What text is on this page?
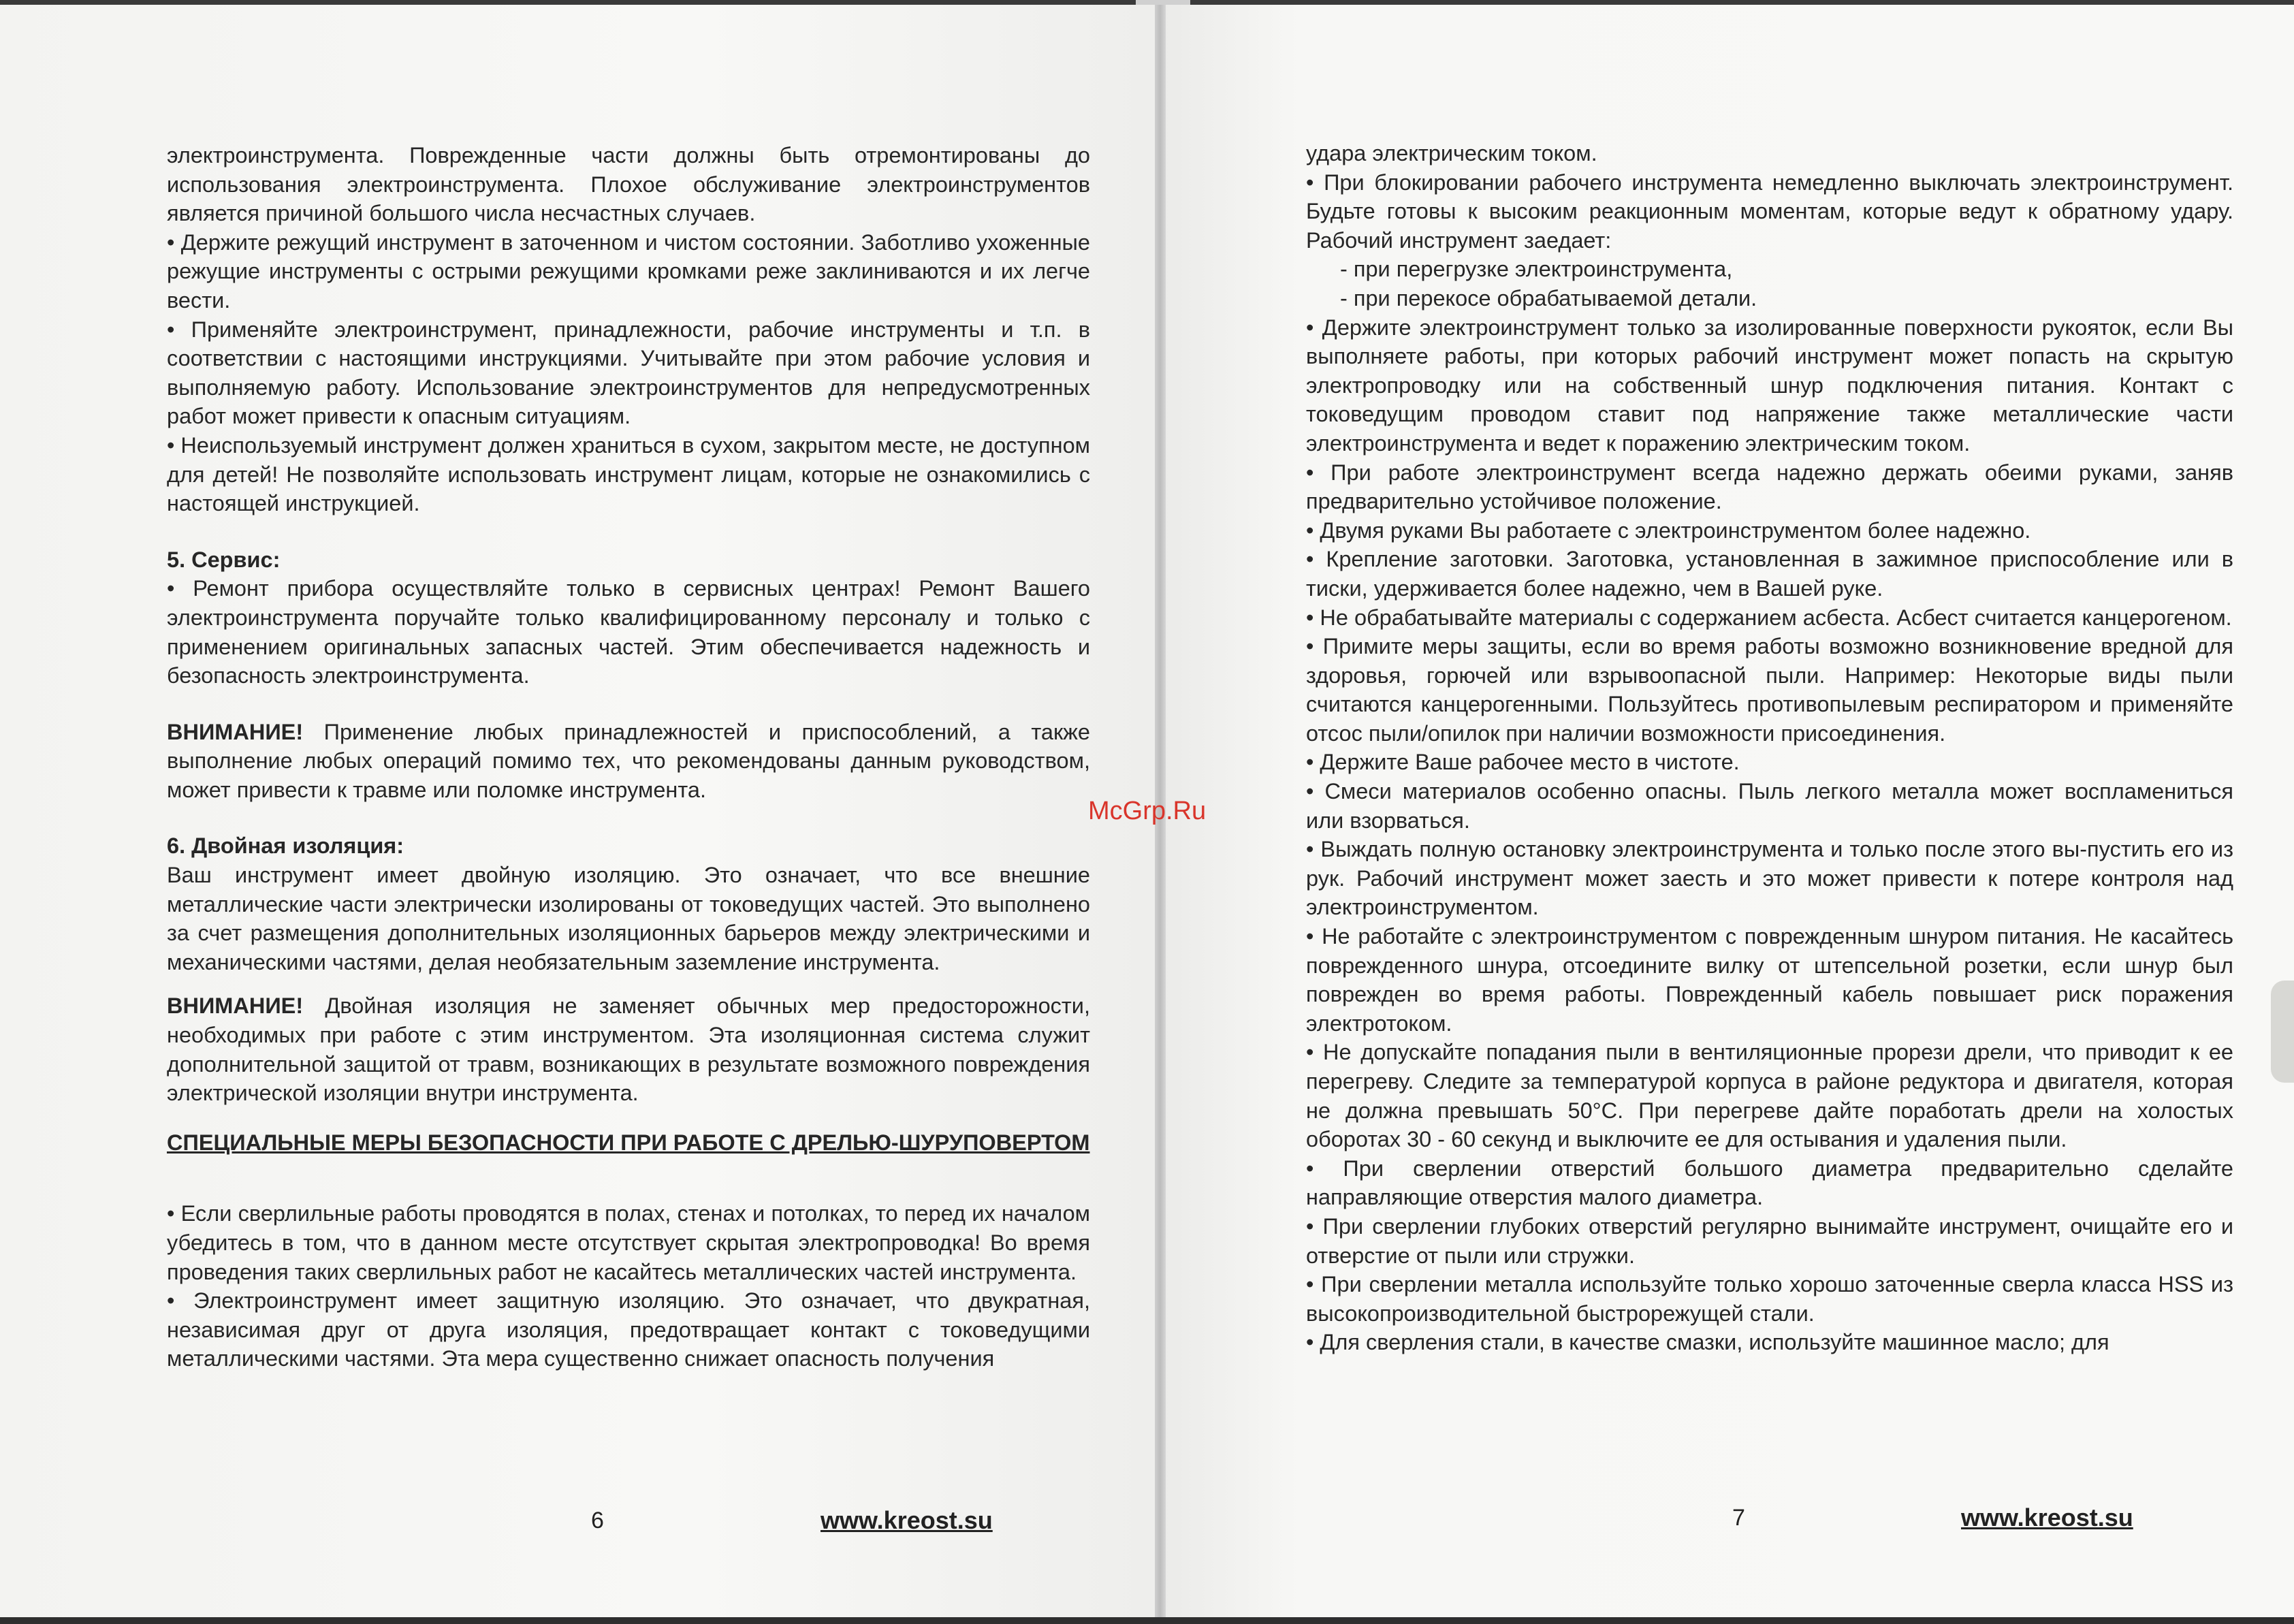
электроинструмента. Поврежденные части должны быть отремонтированы до использования электроинструмента. Плохое обслуживание электроинструментов является причиной большого числа несчастных случаев.

• Держите режущий инструмент в заточенном и чистом состоянии. Заботливо ухоженные режущие инструменты с острыми режущими кромками реже заклиниваются и их легче вести.

• Применяйте электроинструмент, принадлежности, рабочие инструменты и т.п. в соответствии с настоящими инструкциями. Учитывайте при этом рабочие условия и выполняемую работу. Использование электроинструментов для непредусмотренных работ может привести к опасным ситуациям.

• Неиспользуемый инструмент должен храниться в сухом, закрытом месте, не доступном для детей! Не позволяйте использовать инструмент лицам, которые не ознакомились с настоящей инструкцией.

5. Сервис:

• Ремонт прибора осуществляйте только в сервисных центрах! Ремонт Вашего электроинструмента поручайте только квалифицированному персоналу и только с применением оригинальных запасных частей. Этим обеспечивается надежность и безопасность электроинструмента.

ВНИМАНИЕ! Применение любых принадлежностей и приспособлений, а также выполнение любых операций помимо тех, что рекомендованы данным руководством, может привести к травме или поломке инструмента.

6. Двойная изоляция:

Ваш инструмент имеет двойную изоляцию. Это означает, что все внешние металлические части электрически изолированы от токоведущих частей. Это выполнено за счет размещения дополнительных изоляционных барьеров между электрическими и механическими частями, делая необязательным заземление инструмента.

ВНИМАНИЕ! Двойная изоляция не заменяет обычных мер предосторожности, необходимых при работе с этим инструментом. Эта изоляционная система служит дополнительной защитой от травм, возникающих в результате возможного повреждения электрической изоляции внутри инструмента.

СПЕЦИАЛЬНЫЕ МЕРЫ БЕЗОПАСНОСТИ ПРИ РАБОТЕ С ДРЕЛЬЮ-ШУРУПОВЕРТОМ

• Если сверлильные работы проводятся в полах, стенах и потолках, то перед их началом убедитесь в том, что в данном месте отсутствует скрытая электропроводка! Во время проведения таких сверлильных работ не касайтесь металлических частей инструмента.

• Электроинструмент имеет защитную изоляцию. Это означает, что двукратная, независимая друг от друга изоляция, предотвращает контакт с токоведущими металлическими частями. Эта мера существенно снижает опасность получения

6	www.kreost.su

удара электрическим током.

• При блокировании рабочего инструмента немедленно выключать электроинструмент. Будьте готовы к высоким реакционным моментам, которые ведут к обратному удару. Рабочий инструмент заедает:

- при перегрузке электроинструмента,

- при перекосе обрабатываемой детали.

• Держите электроинструмент только за изолированные поверхности рукояток, если Вы выполняете работы, при которых рабочий инструмент может попасть на скрытую электропроводку или на собственный шнур подключения питания. Контакт с токоведущим проводом ставит под напряжение также металлические части электроинструмента и ведет к поражению электрическим током.

• При работе электроинструмент всегда надежно держать обеими руками, заняв предварительно устойчивое положение.

• Двумя руками Вы работаете с электроинструментом более надежно.

• Крепление заготовки. Заготовка, установленная в зажимное приспособление или в тиски, удерживается более надежно, чем в Вашей руке.

• Не обрабатывайте материалы с содержанием асбеста. Асбест считается канцерогеном.

• Примите меры защиты, если во время работы возможно возникновение вредной для здоровья, горючей или взрывоопасной пыли. Например: Некоторые виды пыли считаются канцерогенными. Пользуйтесь противопылевым респиратором и применяйте отсос пыли/опилок при наличии возможности присоединения.

• Держите Ваше рабочее место в чистоте.

• Смеси материалов особенно опасны. Пыль легкого металла может воспламениться или взорваться.

• Выждать полную остановку электроинструмента и только после этого вы-пустить его из рук. Рабочий инструмент может заесть и это может привести к потере контроля над электроинструментом.

• Не работайте с электроинструментом с поврежденным шнуром питания. Не касайтесь поврежденного шнура, отсоедините вилку от штепсельной розетки, если шнур был поврежден во время работы. Поврежденный кабель повышает риск поражения электротоком.

• Не допускайте попадания пыли в вентиляционные прорези дрели, что приводит к ее перегреву. Следите за температурой корпуса в районе редуктора и двигателя, которая не должна превышать 50°С. При перегреве дайте поработать дрели на холостых оборотах 30 - 60 секунд и выключите ее для остывания и удаления пыли.

• При сверлении отверстий большого диаметра предварительно сделайте направляющие отверстия малого диаметра.

• При сверлении глубоких отверстий регулярно вынимайте инструмент, очищайте его и отверстие от пыли или стружки.

• При сверлении металла используйте только хорошо заточенные сверла класса HSS из высокопроизводительной быстрорежущей стали.

• Для сверления стали, в качестве смазки, используйте машинное масло; для

7	www.kreost.su
McGrp.Ru
